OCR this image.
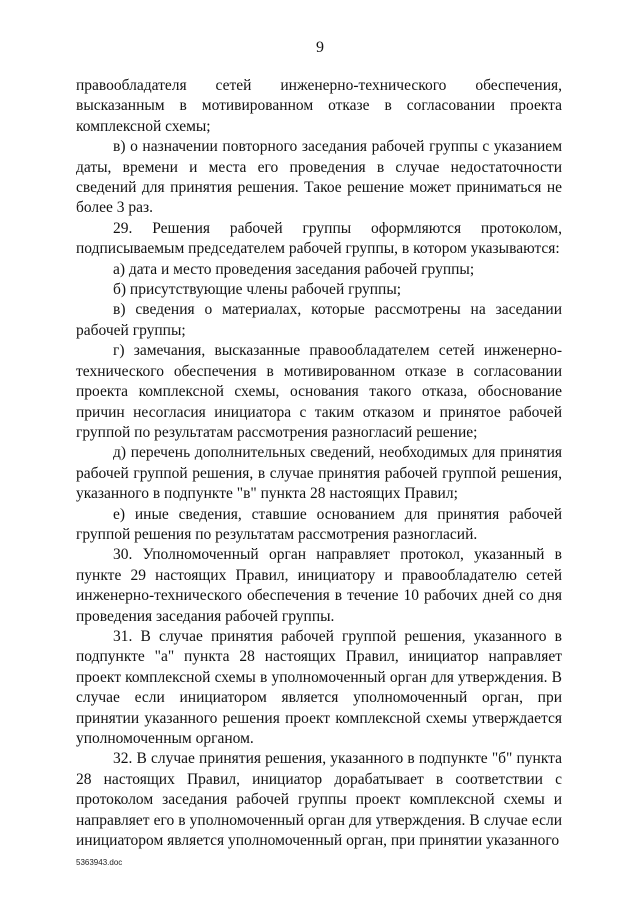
9

правообладателя сетей инженерно-технического обеспечения, высказанным в мотивированном отказе в согласовании проекта комплексной схемы;

в) о назначении повторного заседания рабочей группы с указанием даты, времени и места его проведения в случае недостаточности сведений для принятия решения. Такое решение может приниматься не более 3 раз.

29. Решения рабочей группы оформляются протоколом, подписываемым председателем рабочей группы, в котором указываются:

а) дата и место проведения заседания рабочей группы;

б) присутствующие члены рабочей группы;

в) сведения о материалах, которые рассмотрены на заседании рабочей группы;

г) замечания, высказанные правообладателем сетей инженерно-технического обеспечения в мотивированном отказе в согласовании проекта комплексной схемы, основания такого отказа, обоснование причин несогласия инициатора с таким отказом и принятое рабочей группой по результатам рассмотрения разногласий решение;

д) перечень дополнительных сведений, необходимых для принятия рабочей группой решения, в случае принятия рабочей группой решения, указанного в подпункте "в" пункта 28 настоящих Правил;

е) иные сведения, ставшие основанием для принятия рабочей группой решения по результатам рассмотрения разногласий.

30. Уполномоченный орган направляет протокол, указанный в пункте 29 настоящих Правил, инициатору и правообладателю сетей инженерно-технического обеспечения в течение 10 рабочих дней со дня проведения заседания рабочей группы.

31. В случае принятия рабочей группой решения, указанного в подпункте "а" пункта 28 настоящих Правил, инициатор направляет проект комплексной схемы в уполномоченный орган для утверждения. В случае если инициатором является уполномоченный орган, при принятии указанного решения проект комплексной схемы утверждается уполномоченным органом.

32. В случае принятия решения, указанного в подпункте "б" пункта 28 настоящих Правил, инициатор дорабатывает в соответствии с протоколом заседания рабочей группы проект комплексной схемы и направляет его в уполномоченный орган для утверждения. В случае если инициатором является уполномоченный орган, при принятии указанного

5363943.doc
